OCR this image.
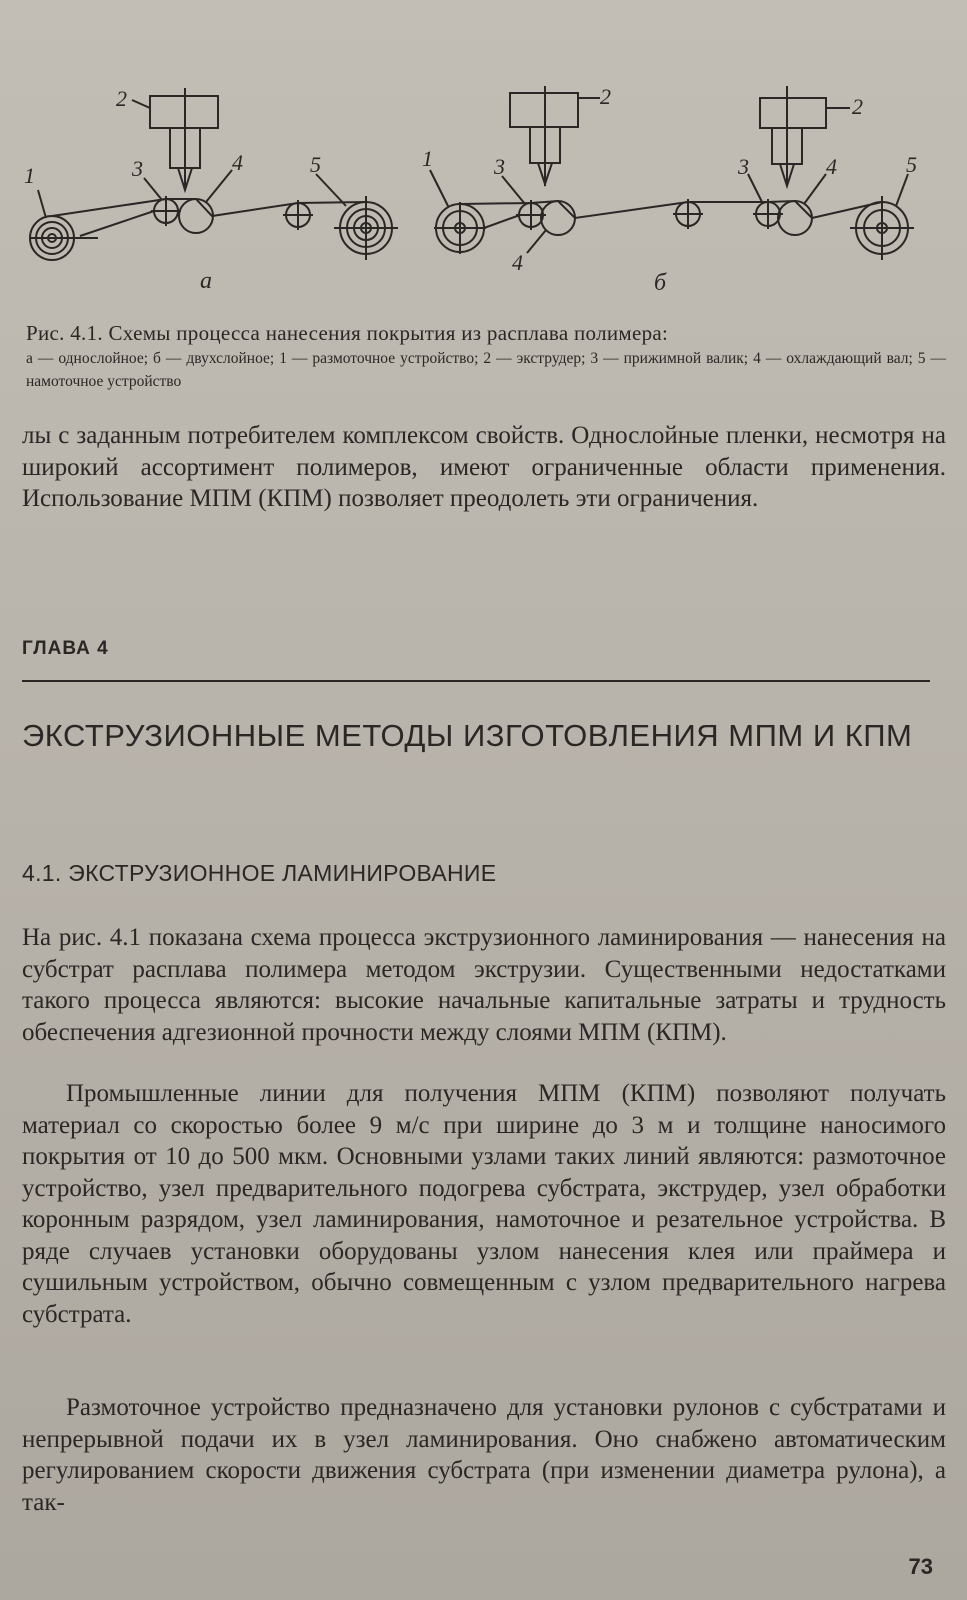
2
1	3	4	5
а
1
2
3
4
б
2
3	4	5
Рис. 4.1. Схемы процесса нанесения покрытия из расплава полимера:
а — однослойное; б — двухслойное; 1 — размоточное устройство; 2 — экструдер; 3 — прижимной валик; 4 — охлаждающий вал; 5 — намоточное устройство

лы с заданным потребителем комплексом свойств. Однослойные пленки, несмотря на широкий ассортимент полимеров, имеют ограниченные области применения. Использование МПМ (КПМ) позволяет преодолеть эти ограничения.

ГЛАВА 4
ЭКСТРУЗИОННЫЕ МЕТОДЫ ИЗГОТОВЛЕНИЯ МПМ И КПМ
4.1. ЭКСТРУЗИОННОЕ ЛАМИНИРОВАНИЕ

На рис. 4.1 показана схема процесса экструзионного ламинирования — нанесения на субстрат расплава полимера методом экструзии. Существенными недостатками такого процесса являются: высокие начальные капитальные затраты и трудность обеспечения адгезионной прочности между слоями МПМ (КПМ).

Промышленные линии для получения МПМ (КПМ) позволяют получать материал со скоростью более 9 м/с при ширине до 3 м и толщине наносимого покрытия от 10 до 500 мкм. Основными узлами таких линий являются: размоточное устройство, узел предварительного подогрева субстрата, экструдер, узел обработки коронным разрядом, узел ламинирования, намоточное и резательное устройства. В ряде случаев установки оборудованы узлом нанесения клея или праймера и сушильным устройством, обычно совмещенным с узлом предварительного нагрева субстрата.

Размоточное устройство предназначено для установки рулонов с субстратами и непрерывной подачи их в узел ламинирования. Оно снабжено автоматическим регулированием скорости движения субстрата (при изменении диаметра рулона), а так-

73
